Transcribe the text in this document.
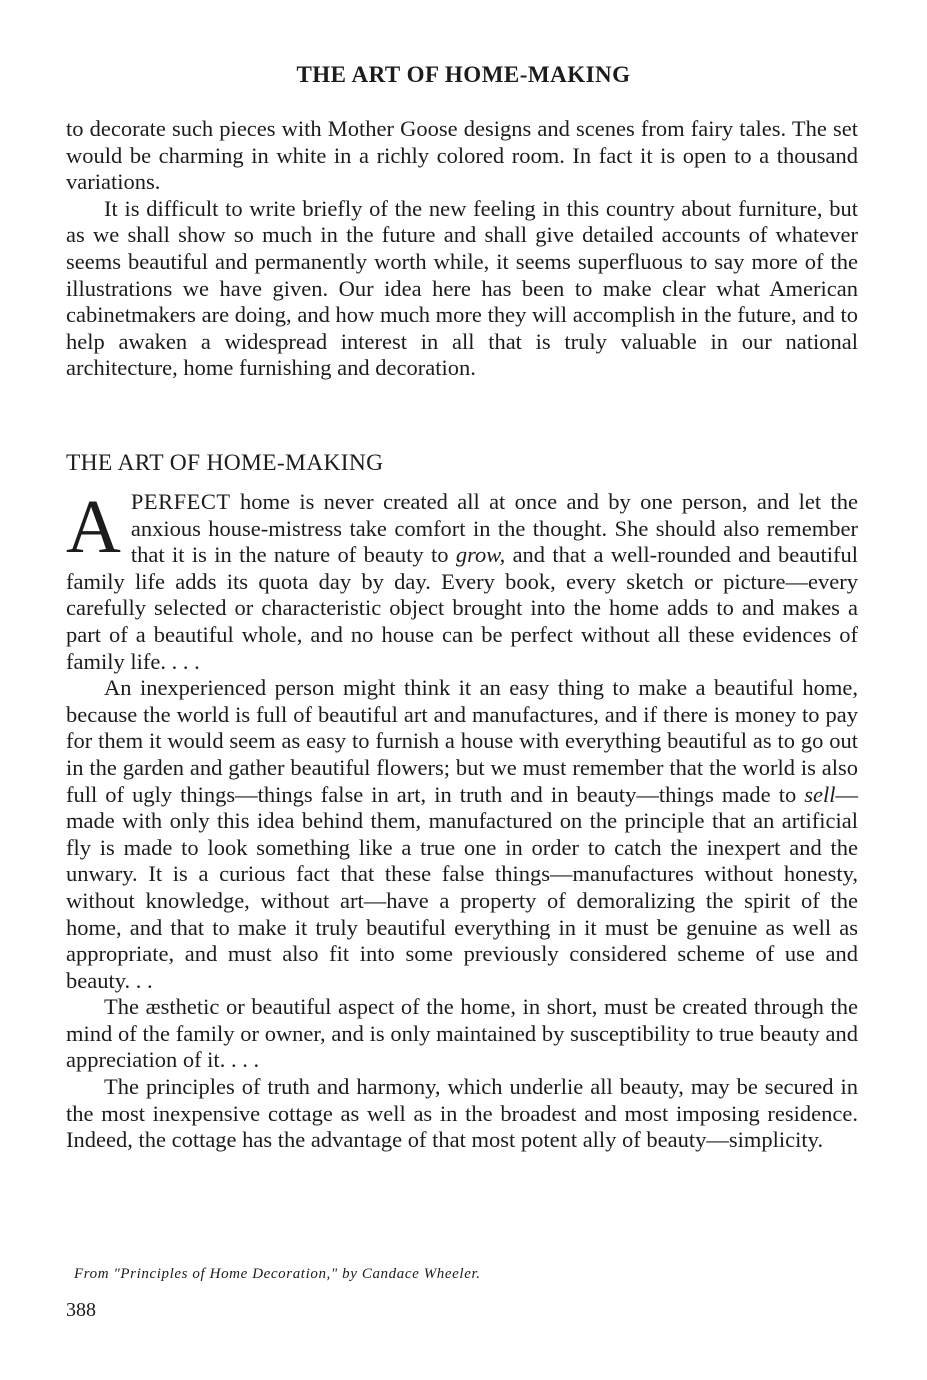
THE ART OF HOME-MAKING

to decorate such pieces with Mother Goose designs and scenes from fairy tales. The set would be charming in white in a richly colored room. In fact it is open to a thousand variations.

It is difficult to write briefly of the new feeling in this country about furniture, but as we shall show so much in the future and shall give detailed accounts of whatever seems beautiful and permanently worth while, it seems superfluous to say more of the illustrations we have given. Our idea here has been to make clear what American cabinetmakers are doing, and how much more they will accomplish in the future, and to help awaken a widespread interest in all that is truly valuable in our national architecture, home furnishing and decoration.

THE ART OF HOME-MAKING

APERFECT home is never created all at once and by one person, and let the anxious house-mistress take comfort in the thought. She should also remember that it is in the nature of beauty to grow, and that a well-rounded and beautiful family life adds its quota day by day. Every book, every sketch or picture—every carefully selected or characteristic object brought into the home adds to and makes a part of a beautiful whole, and no house can be perfect without all these evidences of family life. . . .

An inexperienced person might think it an easy thing to make a beautiful home, because the world is full of beautiful art and manufactures, and if there is money to pay for them it would seem as easy to furnish a house with everything beautiful as to go out in the garden and gather beautiful flowers; but we must remember that the world is also full of ugly things—things false in art, in truth and in beauty—things made to sell—made with only this idea behind them, manufactured on the principle that an artificial fly is made to look something like a true one in order to catch the inexpert and the unwary. It is a curious fact that these false things—manufactures without honesty, without knowledge, without art—have a property of demoralizing the spirit of the home, and that to make it truly beautiful everything in it must be genuine as well as appropriate, and must also fit into some previously considered scheme of use and beauty. . .

The æsthetic or beautiful aspect of the home, in short, must be created through the mind of the family or owner, and is only maintained by susceptibility to true beauty and appreciation of it. . . .

The principles of truth and harmony, which underlie all beauty, may be secured in the most inexpensive cottage as well as in the broadest and most imposing residence. Indeed, the cottage has the advantage of that most potent ally of beauty—simplicity.

From "Principles of Home Decoration," by Candace Wheeler.
388
